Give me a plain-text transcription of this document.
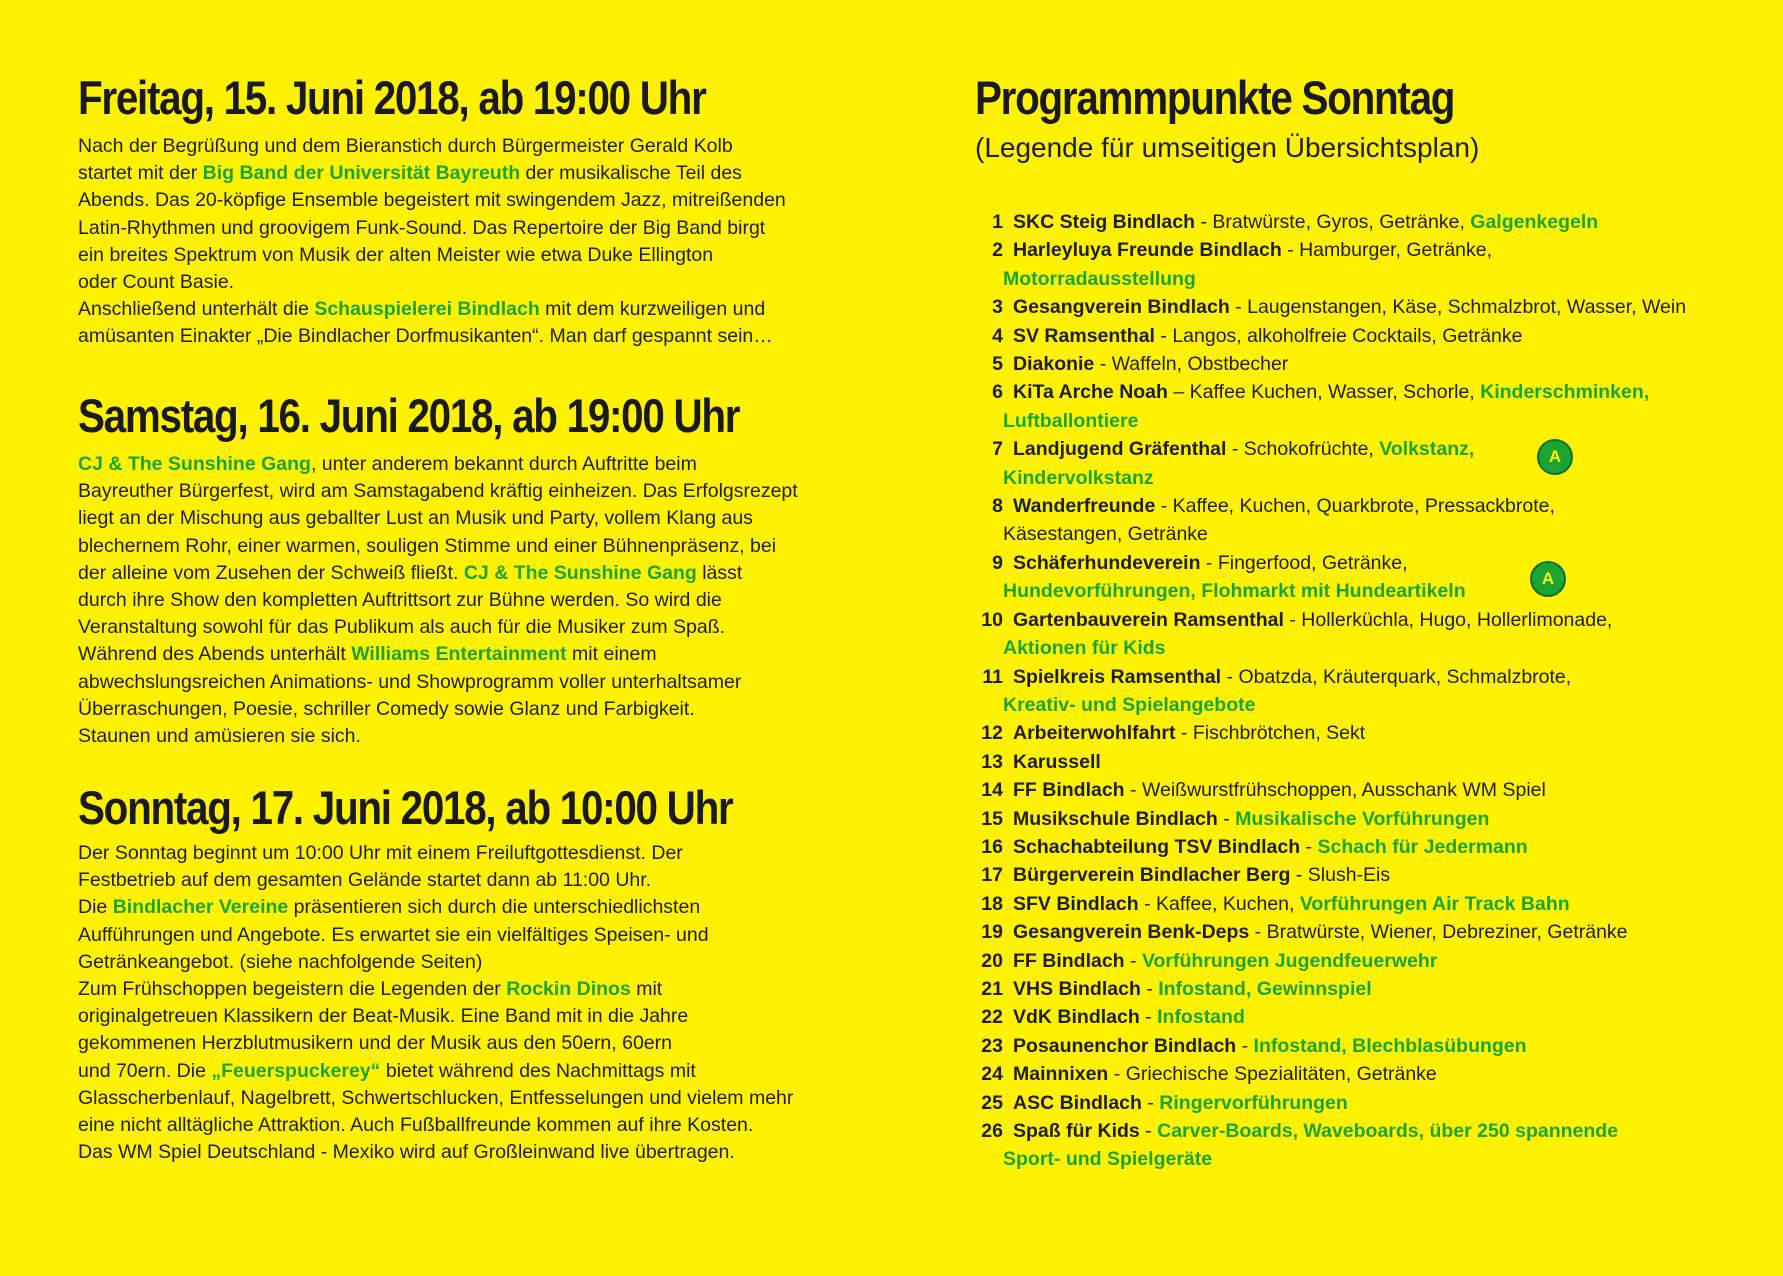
Freitag, 15. Juni 2018, ab 19:00 Uhr

Nach der Begrüßung und dem Bieranstich durch Bürgermeister Gerald Kolb
startet mit der Big Band der Universität Bayreuth der musikalische Teil des
Abends. Das 20-köpfige Ensemble begeistert mit swingendem Jazz, mitreißenden
Latin-Rhythmen und groovigem Funk-Sound. Das Repertoire der Big Band birgt
ein breites Spektrum von Musik der alten Meister wie etwa Duke Ellington
oder Count Basie.
Anschließend unterhält die Schauspielerei Bindlach mit dem kurzweiligen und
amüsanten Einakter „Die Bindlacher Dorfmusikanten“. Man darf gespannt sein…

Samstag, 16. Juni 2018, ab 19:00 Uhr

CJ & The Sunshine Gang, unter anderem bekannt durch Auftritte beim
Bayreuther Bürgerfest, wird am Samstagabend kräftig einheizen. Das Erfolgsrezept
liegt an der Mischung aus geballter Lust an Musik und Party, vollem Klang aus
blechernem Rohr, einer warmen, souligen Stimme und einer Bühnenpräsenz, bei
der alleine vom Zusehen der Schweiß fließt. CJ & The Sunshine Gang lässt
durch ihre Show den kompletten Auftrittsort zur Bühne werden. So wird die
Veranstaltung sowohl für das Publikum als auch für die Musiker zum Spaß.
Während des Abends unterhält Williams Entertainment mit einem
abwechslungsreichen Animations- und Showprogramm voller unterhaltsamer
Überraschungen, Poesie, schriller Comedy sowie Glanz und Farbigkeit.
Staunen und amüsieren sie sich.

Sonntag, 17. Juni 2018, ab 10:00 Uhr

Der Sonntag beginnt um 10:00 Uhr mit einem Freiluftgottesdienst. Der
Festbetrieb auf dem gesamten Gelände startet dann ab 11:00 Uhr.
Die Bindlacher Vereine präsentieren sich durch die unterschiedlichsten
Aufführungen und Angebote. Es erwartet sie ein vielfältiges Speisen- und
Getränkeangebot. (siehe nachfolgende Seiten)
Zum Frühschoppen begeistern die Legenden der Rockin Dinos mit
originalgetreuen Klassikern der Beat-Musik. Eine Band mit in die Jahre
gekommenen Herzblutmusikern und der Musik aus den 50ern, 60ern
und 70ern. Die „Feuerspuckerey“ bietet während des Nachmittags mit
Glasscherbenlauf, Nagelbrett, Schwertschlucken, Entfesselungen und vielem mehr
eine nicht alltägliche Attraktion. Auch Fußballfreunde kommen auf ihre Kosten.
Das WM Spiel Deutschland - Mexiko wird auf Großleinwand live übertragen.

Programmpunkte Sonntag
(Legende für umseitigen Übersichtsplan)
1 SKC Steig Bindlach - Bratwürste, Gyros, Getränke, Galgenkegeln
2 Harleyluya Freunde Bindlach - Hamburger, Getränke,
Motorradausstellung
3 Gesangverein Bindlach - Laugenstangen, Käse, Schmalzbrot, Wasser, Wein
4 SV Ramsenthal - Langos, alkoholfreie Cocktails, Getränke
5 Diakonie - Waffeln, Obstbecher
6 KiTa Arche Noah – Kaffee Kuchen, Wasser, Schorle, Kinderschminken,
Luftballontiere
7 Landjugend Gräfenthal - Schokofrüchte, Volkstanz,
Kindervolkstanz
A
8 Wanderfreunde - Kaffee, Kuchen, Quarkbrote, Pressackbrote,
Käsestangen, Getränke
9 Schäferhundeverein - Fingerfood, Getränke,
Hundevorführungen, Flohmarkt mit Hundeartikeln
A
10 Gartenbauverein Ramsenthal - Hollerküchla, Hugo, Hollerlimonade,
Aktionen für Kids
11 Spielkreis Ramsenthal - Obatzda, Kräuterquark, Schmalzbrote,
Kreativ- und Spielangebote
12 Arbeiterwohlfahrt - Fischbrötchen, Sekt
13 Karussell
14 FF Bindlach - Weißwurstfrühschoppen, Ausschank WM Spiel
15 Musikschule Bindlach - Musikalische Vorführungen
16 Schachabteilung TSV Bindlach - Schach für Jedermann
17 Bürgerverein Bindlacher Berg - Slush-Eis
18 SFV Bindlach - Kaffee, Kuchen, Vorführungen Air Track Bahn
19 Gesangverein Benk-Deps - Bratwürste, Wiener, Debreziner, Getränke
20 FF Bindlach - Vorführungen Jugendfeuerwehr
21 VHS Bindlach - Infostand, Gewinnspiel
22 VdK Bindlach - Infostand
23 Posaunenchor Bindlach - Infostand, Blechblasübungen
24 Mainnixen - Griechische Spezialitäten, Getränke
25 ASC Bindlach - Ringervorführungen
26 Spaß für Kids - Carver-Boards, Waveboards, über 250 spannende
Sport- und Spielgeräte
